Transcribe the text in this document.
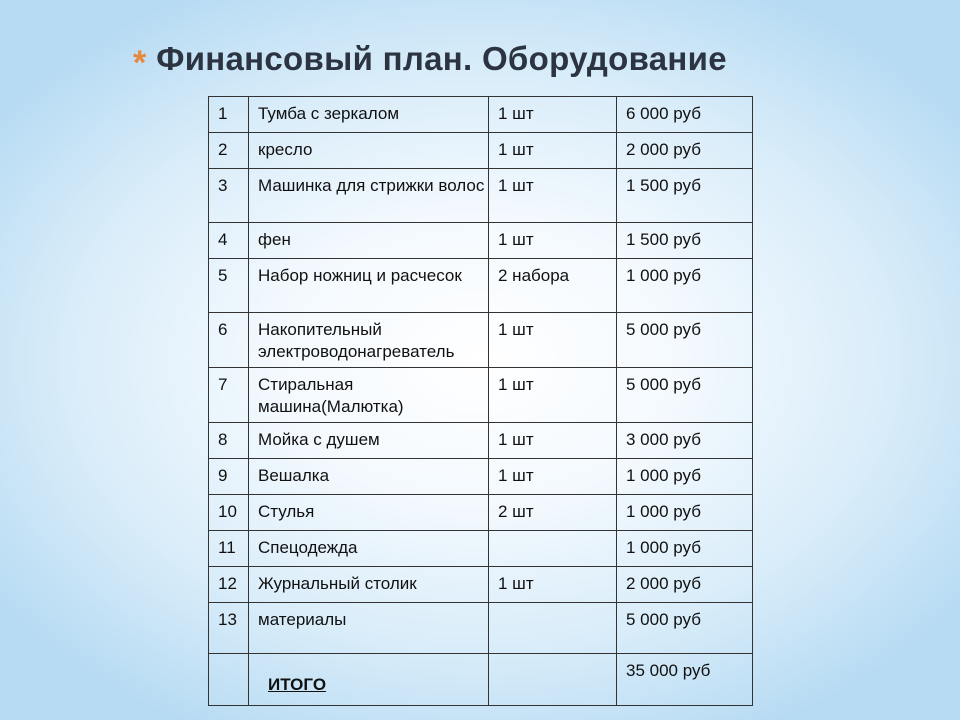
* Финансовый план. Оборудование
1	Тумба с зеркалом	1 шт	6 000 руб
2	кресло	1 шт	2 000 руб
3	Машинка для стрижки волос	1 шт	1 500 руб
4	фен	1 шт	1 500 руб
5	Набор ножниц и расчесок	2 набора	1 000 руб
6	Накопительный электроводонагреватель	1 шт	5 000 руб
7	Стиральная машина(Малютка)	1 шт	5 000 руб
8	Мойка с душем	1 шт	3 000 руб
9	Вешалка	1 шт	1 000 руб
10	Стулья	2 шт	1 000 руб
11	Спецодежда		1 000 руб
12	Журнальный столик	1 шт	2 000 руб
13	материалы		5 000 руб
	ИТОГО		35 000 руб
